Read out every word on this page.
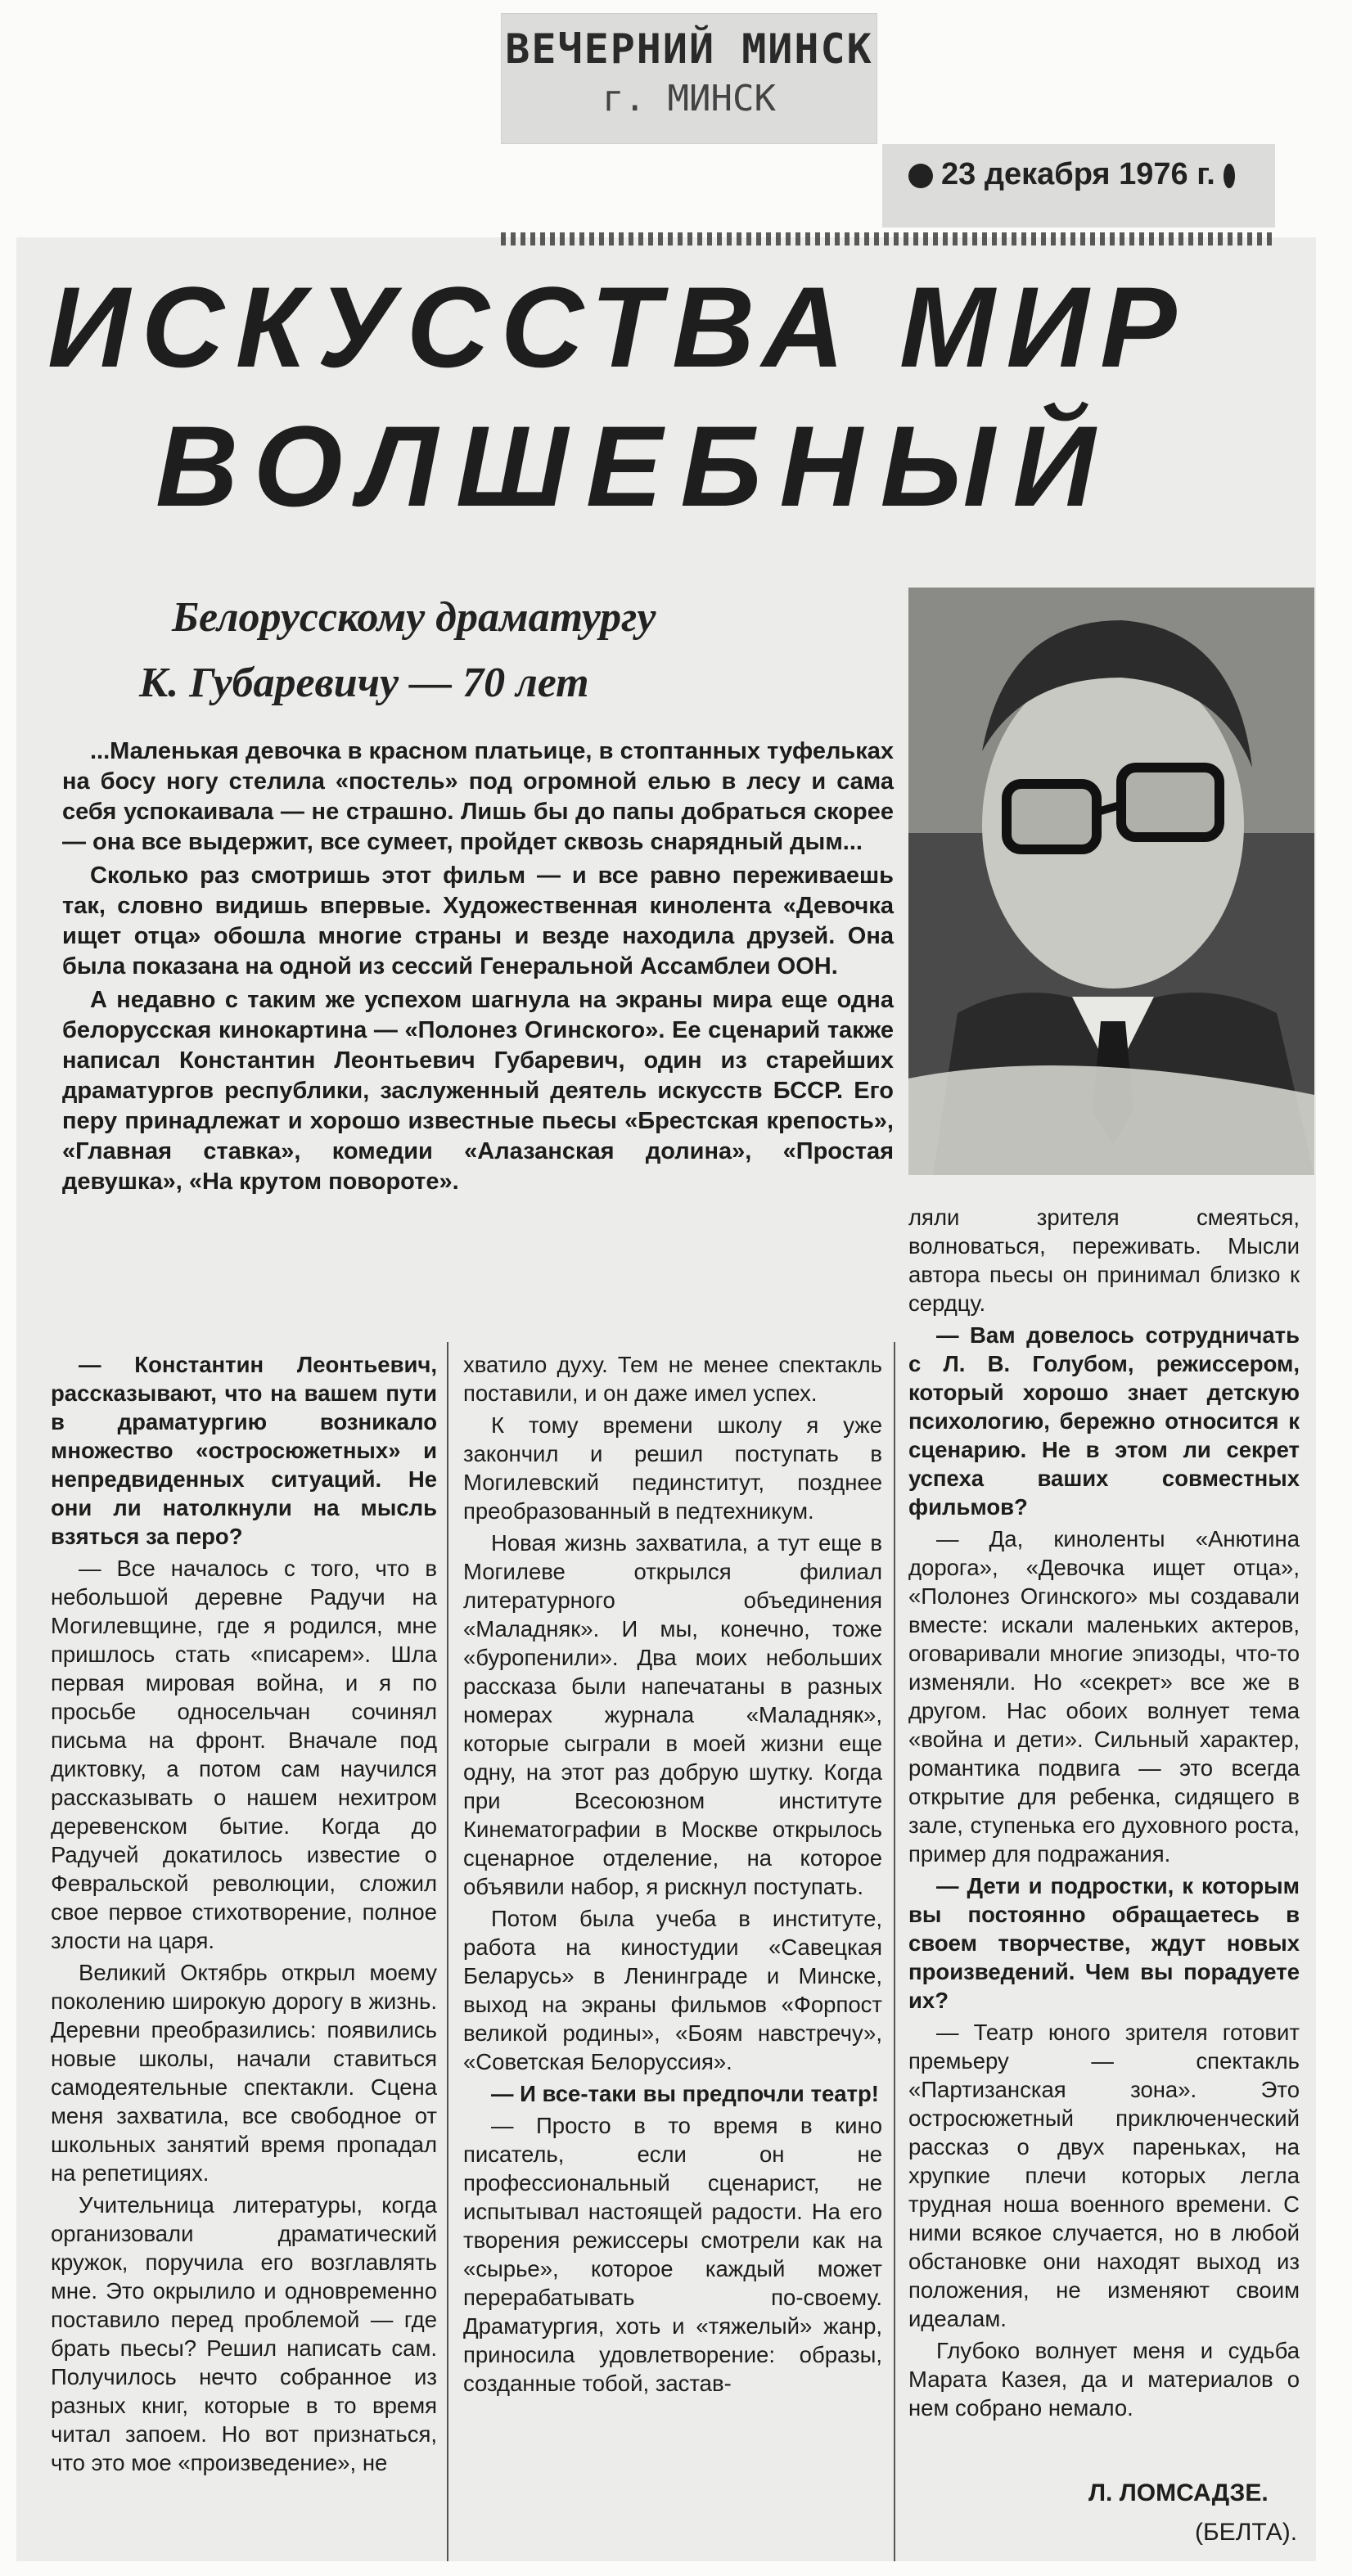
ВЕЧЕРНИЙ МИНСК
г. МИНСК
23 декабря 1976 г.
ИСКУССТВА МИР
ВОЛШЕБНЫЙ
Белорусскому драматургу
К. Губаревичу — 70 лет

...Маленькая девочка в красном платьице, в стоптанных туфельках на босу ногу стелила «постель» под огромной елью в лесу и сама себя успокаивала — не страшно. Лишь бы до папы добраться скорее — она все выдержит, все сумеет, пройдет сквозь снарядный дым...

Сколько раз смотришь этот фильм — и все равно переживаешь так, словно видишь впервые. Художественная кинолента «Девочка ищет отца» обошла многие страны и везде находила друзей. Она была показана на одной из сессий Генеральной Ассамблеи ООН.

А недавно с таким же успехом шагнула на экраны мира еще одна белорусская кинокартина — «Полонез Огинского». Ее сценарий также написал Константин Леонтьевич Губаревич, один из старейших драматургов республики, заслуженный деятель искусств БССР. Его перу принадлежат и хорошо известные пьесы «Брестская крепость», «Главная ставка», комедии «Алазанская долина», «Простая девушка», «На крутом повороте».

— Константин Леонтьевич, рассказывают, что на вашем пути в драматургию возникало множество «остросюжетных» и непредвиденных ситуаций. Не они ли натолкнули на мысль взяться за перо?

— Все началось с того, что в небольшой деревне Радучи на Могилевщине, где я родился, мне пришлось стать «писарем». Шла первая мировая война, и я по просьбе односельчан сочинял письма на фронт. Вначале под диктовку, а потом сам научился рассказывать о нашем нехитром деревенском бытие. Когда до Радучей докатилось известие о Февральской революции, сложил свое первое стихотворение, полное злости на царя.

Великий Октябрь открыл моему поколению широкую дорогу в жизнь. Деревни преобразились: появились новые школы, начали ставиться самодеятельные спектакли. Сцена меня захватила, все свободное от школьных занятий время пропадал на репетициях.

Учительница литературы, когда организовали драматический кружок, поручила его возглавлять мне. Это окрылило и одновременно поставило перед проблемой — где брать пьесы? Решил написать сам. Получилось нечто собранное из разных книг, которые в то время читал запоем. Но вот признаться, что это мое «произведение», не

хватило духу. Тем не менее спектакль поставили, и он даже имел успех.

К тому времени школу я уже закончил и решил поступать в Могилевский пединститут, позднее преобразованный в педтехникум.

Новая жизнь захватила, а тут еще в Могилеве открылся филиал литературного объединения «Маладняк». И мы, конечно, тоже «буропенили». Два моих небольших рассказа были напечатаны в разных номерах журнала «Маладняк», которые сыграли в моей жизни еще одну, на этот раз добрую шутку. Когда при Всесоюзном институте Кинематографии в Москве открылось сценарное отделение, на которое объявили набор, я рискнул поступать.

Потом была учеба в институте, работа на киностудии «Савецкая Беларусь» в Ленинграде и Минске, выход на экраны фильмов «Форпост великой родины», «Боям навстречу», «Советская Белоруссия».

— И все-таки вы предпочли театр!

— Просто в то время в кино писатель, если он не профессиональный сценарист, не испытывал настоящей радости. На его творения режиссеры смотрели как на «сырье», которое каждый может перерабатывать по-своему. Драматургия, хоть и «тяжелый» жанр, приносила удовлетворение: образы, созданные тобой, застав-

ляли зрителя смеяться, волноваться, переживать. Мысли автора пьесы он принимал близко к сердцу.

— Вам довелось сотрудничать с Л. В. Голубом, режиссером, который хорошо знает детскую психологию, бережно относится к сценарию. Не в этом ли секрет успеха ваших совместных фильмов?

— Да, киноленты «Анютина дорога», «Девочка ищет отца», «Полонез Огинского» мы создавали вместе: искали маленьких актеров, оговаривали многие эпизоды, что-то изменяли. Но «секрет» все же в другом. Нас обоих волнует тема «война и дети». Сильный характер, романтика подвига — это всегда открытие для ребенка, сидящего в зале, ступенька его духовного роста, пример для подражания.

— Дети и подростки, к которым вы постоянно обращаетесь в своем творчестве, ждут новых произведений. Чем вы порадуете их?

— Театр юного зрителя готовит премьеру — спектакль «Партизанская зона». Это остросюжетный приключенческий рассказ о двух пареньках, на хрупкие плечи которых легла трудная ноша военного времени. С ними всякое случается, но в любой обстановке они находят выход из положения, не изменяют своим идеалам.

Глубоко волнует меня и судьба Марата Казея, да и материалов о нем собрано немало.

Л. ЛОМСАДЗЕ.
(БЕЛТА).
